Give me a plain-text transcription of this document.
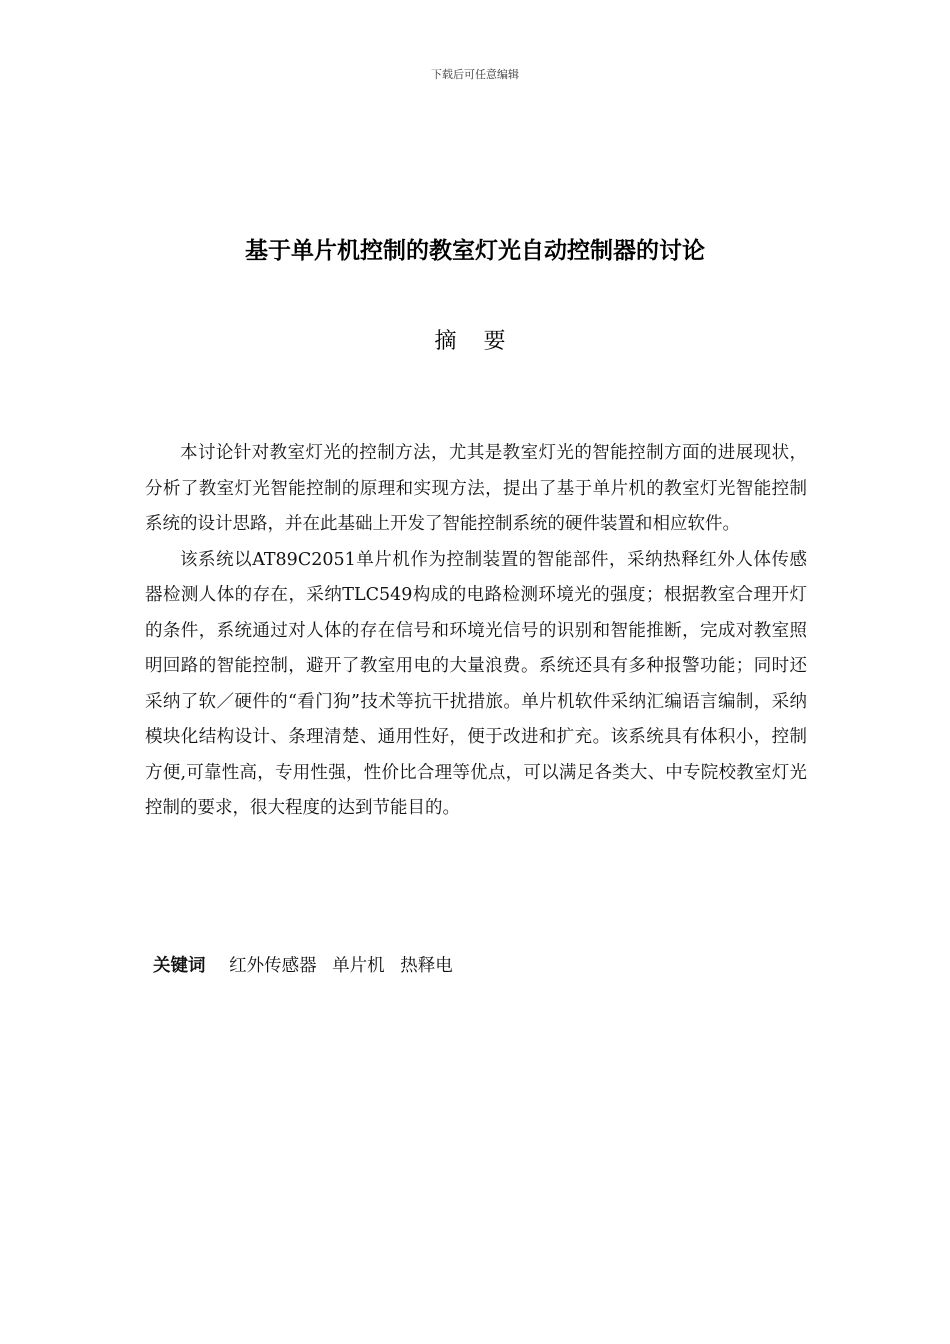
下载后可任意编辑
基于单片机控制的教室灯光自动控制器的讨论
摘 要

本讨论针对教室灯光的控制方法，尤其是教室灯光的智能控制方面的进展现状，分析了教室灯光智能控制的原理和实现方法，提出了基于单片机的教室灯光智能控制 系统的设计思路，并在此基础上开发了智能控制系统的硬件装置和相应软件。

该系统以AT89C2051单片机作为控制装置的智能部件，采纳热释红外人体传感器检测人体的存在，采纳TLC549构成的电路检测环境光的强度；根据教室合理开灯的条件，系统通过对人体的存在信号和环境光信号的识别和智能推断，完成对教室照明回路的智能控制，避开了教室用电的大量浪费。系统还具有多种报警功能；同时还采纳了软／硬件的“看门狗”技术等抗干扰措旅。单片机软件采纳汇编语言编制，采纳模块化结构设计、条理清楚、通用性好，便于改进和扩充。该系统具有体积小，控制方便,可靠性高，专用性强，性价比合理等优点，可以满足各类大、中专院校教室灯光控制的要求，很大程度的达到节能目的。

关键词 红外传感器 单片机 热释电
